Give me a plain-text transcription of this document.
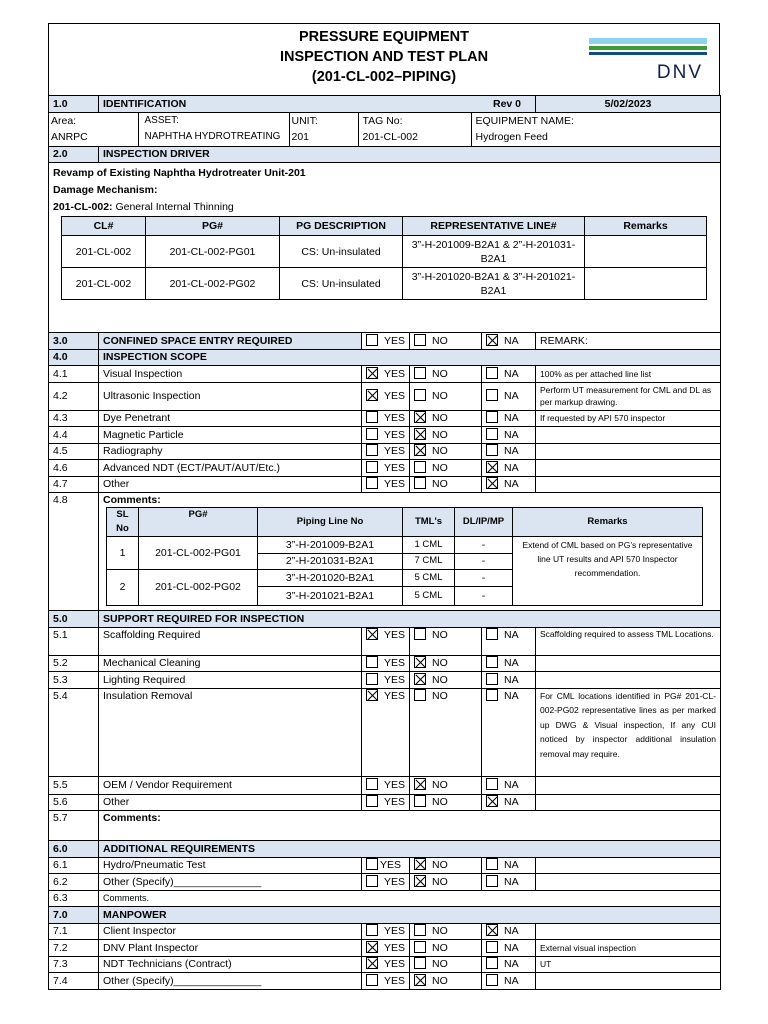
PRESSURE EQUIPMENT
INSPECTION AND TEST PLAN
(201-CL-002–PIPING)	DNV
1.0	IDENTIFICATION	Rev 0	5/02/2023

Area:	ASSET:	UNIT:	TAG No:	EQUIPMENT NAME:
ANRPC	NAPHTHA HYDROTREATING	201	201-CL-002	Hydrogen Feed

2.0	INSPECTION DRIVER

Revamp of Existing Naphtha Hydrotreater Unit-201
Damage Mechanism:
201-CL-002: General Internal Thinning
CL#	PG#	PG DESCRIPTION	REPRESENTATIVE LINE#	Remarks
201-CL-002	201-CL-002-PG01	CS: Un-insulated	3”-H-201009-B2A1 & 2”-H-201031-B2A1	
201-CL-002	201-CL-002-PG02	CS: Un-insulated	3”-H-201020-B2A1 & 3”-H-201021-B2A1	

3.0	CONFINED SPACE ENTRY REQUIRED	YES	NO	NA	REMARK:
4.0	INSPECTION SCOPE
4.1	Visual Inspection	YES	NO	NA	100% as per attached line list
4.2	Ultrasonic Inspection	YES	NO	NA	Perform UT measurement for CML and DL as per markup drawing.
4.3	Dye Penetrant	YES	NO	NA	If requested by API 570 inspector
4.4	Magnetic Particle	YES	NO	NA	
4.5	Radiography	YES	NO	NA	
4.6	Advanced NDT (ECT/PAUT/AUT/Etc.)	YES	NO	NA	
4.7	Other	YES	NO	NA	
4.8	Comments:
SL No	PG#	Piping Line No	TML's	DL/IP/MP	Remarks
1	201-CL-002-PG01	3”-H-201009-B2A1	1 CML	-	Extend of CML based on PG’s representative line UT results and API 570 Inspector recommendation.
2”-H-201031-B2A1	7 CML	-
2	201-CL-002-PG02	3”-H-201020-B2A1	5 CML	-
3”-H-201021-B2A1	5 CML	-

5.0	SUPPORT REQUIRED FOR INSPECTION
5.1	Scaffolding Required	YES	NO	NA	Scaffolding required to assess TML Locations.
5.2	Mechanical Cleaning	YES	NO	NA	
5.3	Lighting Required	YES	NO	NA	
5.4	Insulation Removal	YES	NO	NA	For CML locations identified in PG# 201-CL-002-PG02 representative lines as per marked up DWG & Visual inspection, If any CUI noticed by inspector additional insulation removal may require.
5.5	OEM / Vendor Requirement	YES	NO	NA	
5.6	Other	YES	NO	NA	
5.7	Comments:
6.0	ADDITIONAL REQUIREMENTS
6.1	Hydro/Pneumatic Test	YES	NO	NA	
6.2	Other (Specify)_______________	YES	NO	NA	
6.3	Comments.
7.0	MANPOWER
7.1	Client Inspector	YES	NO	NA	
7.2	DNV Plant Inspector	YES	NO	NA	External visual inspection
7.3	NDT Technicians (Contract)	YES	NO	NA	UT
7.4	Other (Specify)_______________	YES	NO	NA	
